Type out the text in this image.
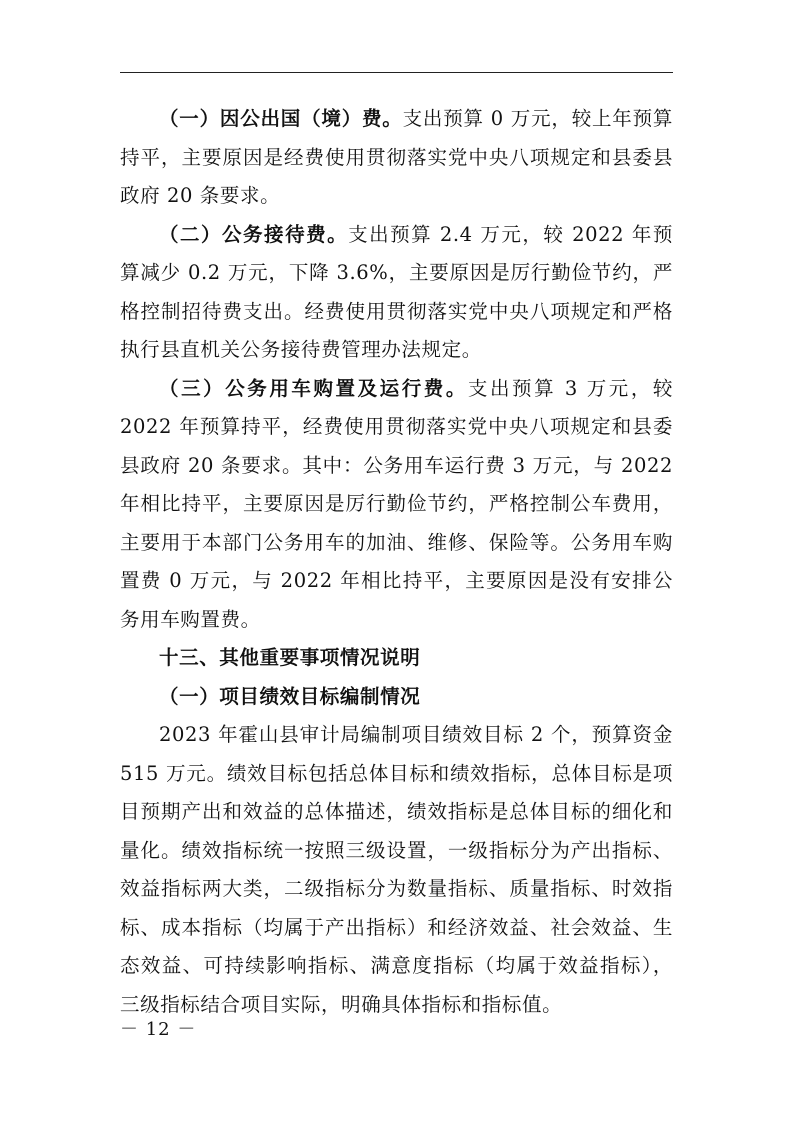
（一）因公出国（境）费。支出预算 0 万元，较上年预算持平，主要原因是经费使用贯彻落实党中央八项规定和县委县政府 20 条要求。

（二）公务接待费。支出预算 2.4 万元，较 2022 年预算减少 0.2 万元，下降 3.6%，主要原因是厉行勤俭节约，严格控制招待费支出。经费使用贯彻落实党中央八项规定和严格执行县直机关公务接待费管理办法规定。

（三）公务用车购置及运行费。支出预算 3 万元，较 2022 年预算持平，经费使用贯彻落实党中央八项规定和县委县政府 20 条要求。其中：公务用车运行费 3 万元，与 2022 年相比持平，主要原因是厉行勤俭节约，严格控制公车费用，主要用于本部门公务用车的加油、维修、保险等。公务用车购置费 0 万元，与 2022 年相比持平，主要原因是没有安排公务用车购置费。

十三、其他重要事项情况说明

（一）项目绩效目标编制情况

2023 年霍山县审计局编制项目绩效目标 2 个，预算资金 515 万元。绩效目标包括总体目标和绩效指标，总体目标是项目预期产出和效益的总体描述，绩效指标是总体目标的细化和量化。绩效指标统一按照三级设置，一级指标分为产出指标、效益指标两大类，二级指标分为数量指标、质量指标、时效指标、成本指标（均属于产出指标）和经济效益、社会效益、生态效益、可持续影响指标、满意度指标（均属于效益指标），三级指标结合项目实际，明确具体指标和指标值。

－ 12 －
